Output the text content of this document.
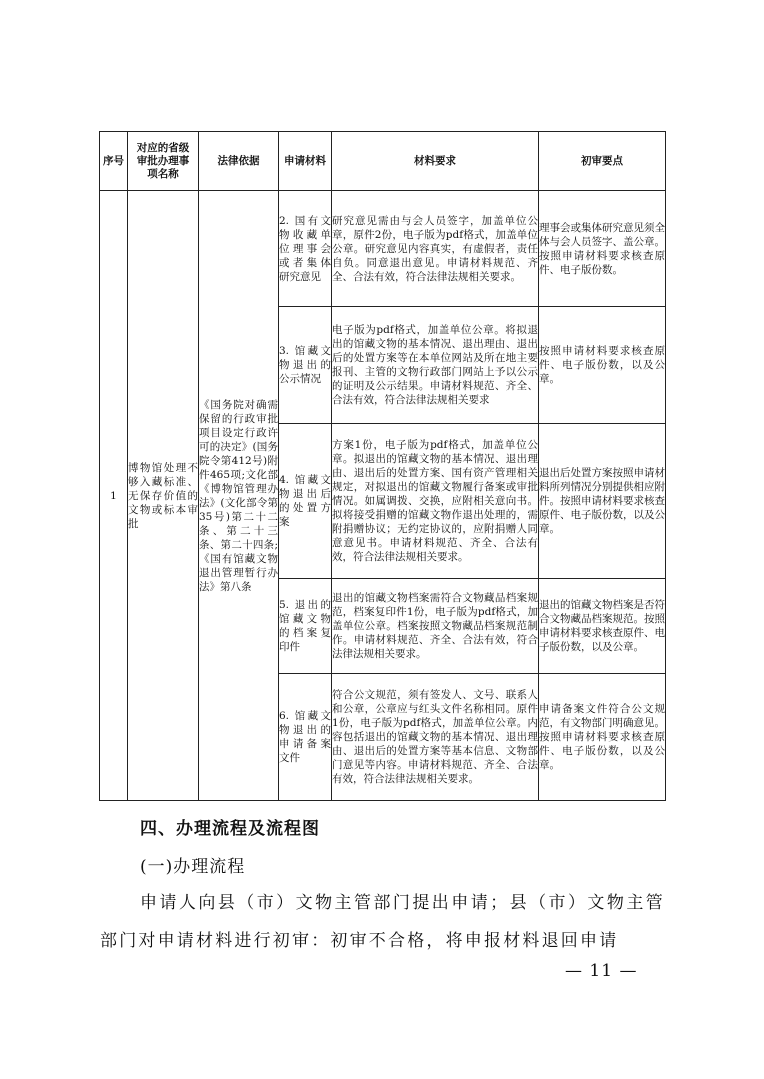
序号	对应的省级审批办理事项名称	法律依据	申请材料	材料要求	初审要点
1	博物馆处理不够入藏标准、无保存价值的文物或标本审批	《国务院对确需保留的行政审批项目设定行政许可的决定》(国务院令第412号)附件465项;文化部《博物馆管理办法》(文化部令第35号)第二十二条、第二十三条、第二十四条;《国有馆藏文物退出管理暂行办法》第八条	2. 国有文物收藏单位理事会或者集体研究意见	研究意见需由与会人员签字，加盖单位公章，原件2份，电子版为pdf格式，加盖单位公章。研究意见内容真实，有虚假者，责任自负。同意退出意见。申请材料规范、齐全、合法有效，符合法律法规相关要求。	理事会或集体研究意见须全体与会人员签字、盖公章。按照申请材料要求核查原件、电子版份数。
			3. 馆藏文物退出的公示情况	电子版为pdf格式，加盖单位公章。将拟退出的馆藏文物的基本情况、退出理由、退出后的处置方案等在本单位网站及所在地主要报刊、主管的文物行政部门网站上予以公示的证明及公示结果。申请材料规范、齐全、合法有效，符合法律法规相关要求	按照申请材料要求核查原件、电子版份数，以及公章。
			4. 馆藏文物退出后的处置方案	方案1份，电子版为pdf格式，加盖单位公章。拟退出的馆藏文物的基本情况、退出理由、退出后的处置方案、国有资产管理相关规定，对拟退出的馆藏文物履行备案或审批情况。如属调拨、交换，应附相关意向书。拟将接受捐赠的馆藏文物作退出处理的，需附捐赠协议；无约定协议的，应附捐赠人同意意见书。申请材料规范、齐全、合法有效，符合法律法规相关要求。	退出后处置方案按照申请材料所列情况分别提供相应附件。按照申请材料要求核查原件、电子版份数，以及公章。
			5. 退出的馆藏文物的档案复印件	退出的馆藏文物档案需符合文物藏品档案规范，档案复印件1份，电子版为pdf格式，加盖单位公章。档案按照文物藏品档案规范制作。申请材料规范、齐全、合法有效，符合法律法规相关要求。	退出的馆藏文物档案是否符合文物藏品档案规范。按照申请材料要求核查原件、电子版份数，以及公章。
			6. 馆藏文物退出的申请备案文件	符合公文规范，须有签发人、文号、联系人和公章，公章应与红头文件名称相同。原件1份，电子版为pdf格式，加盖单位公章。内容包括退出的馆藏文物的基本情况、退出理由、退出后的处置方案等基本信息、文物部门意见等内容。申请材料规范、齐全、合法有效，符合法律法规相关要求。	申请备案文件符合公文规范，有文物部门明确意见。按照申请材料要求核查原件、电子版份数，以及公章。
四、办理流程及流程图
(一)办理流程
申请人向县（市）文物主管部门提出申请；县（市）文物主管部门对申请材料进行初审：初审不合格，将申报材料退回申请
— 11 —
